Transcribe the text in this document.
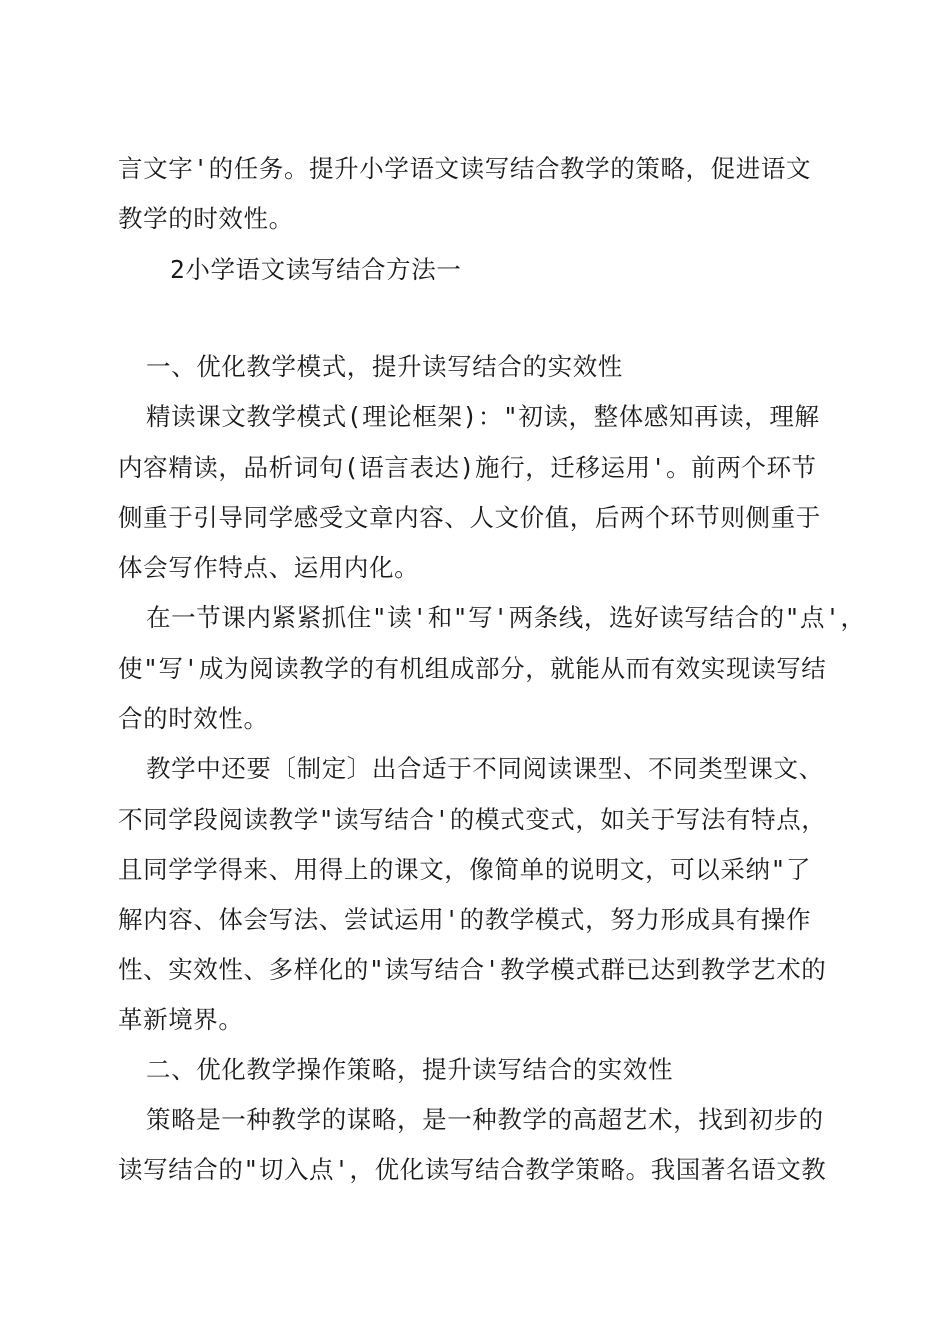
言文字'的任务。提升小学语文读写结合教学的策略，促进语文
教学的时效性。
2小学语文读写结合方法一
一、优化教学模式，提升读写结合的实效性
精读课文教学模式(理论框架)："初读，整体感知再读，理解
内容精读，品析词句(语言表达)施行，迁移运用'。前两个环节
侧重于引导同学感受文章内容、人文价值，后两个环节则侧重于
体会写作特点、运用内化。
在一节课内紧紧抓住"读'和"写'两条线，选好读写结合的"点'，
使"写'成为阅读教学的有机组成部分，就能从而有效实现读写结
合的时效性。
教学中还要〔制定〕出合适于不同阅读课型、不同类型课文、
不同学段阅读教学"读写结合'的模式变式，如关于写法有特点，
且同学学得来、用得上的课文，像简单的说明文，可以采纳"了
解内容、体会写法、尝试运用'的教学模式，努力形成具有操作
性、实效性、多样化的"读写结合'教学模式群已达到教学艺术的
革新境界。
二、优化教学操作策略，提升读写结合的实效性
策略是一种教学的谋略，是一种教学的高超艺术，找到初步的
读写结合的"切入点'，优化读写结合教学策略。我国著名语文教
